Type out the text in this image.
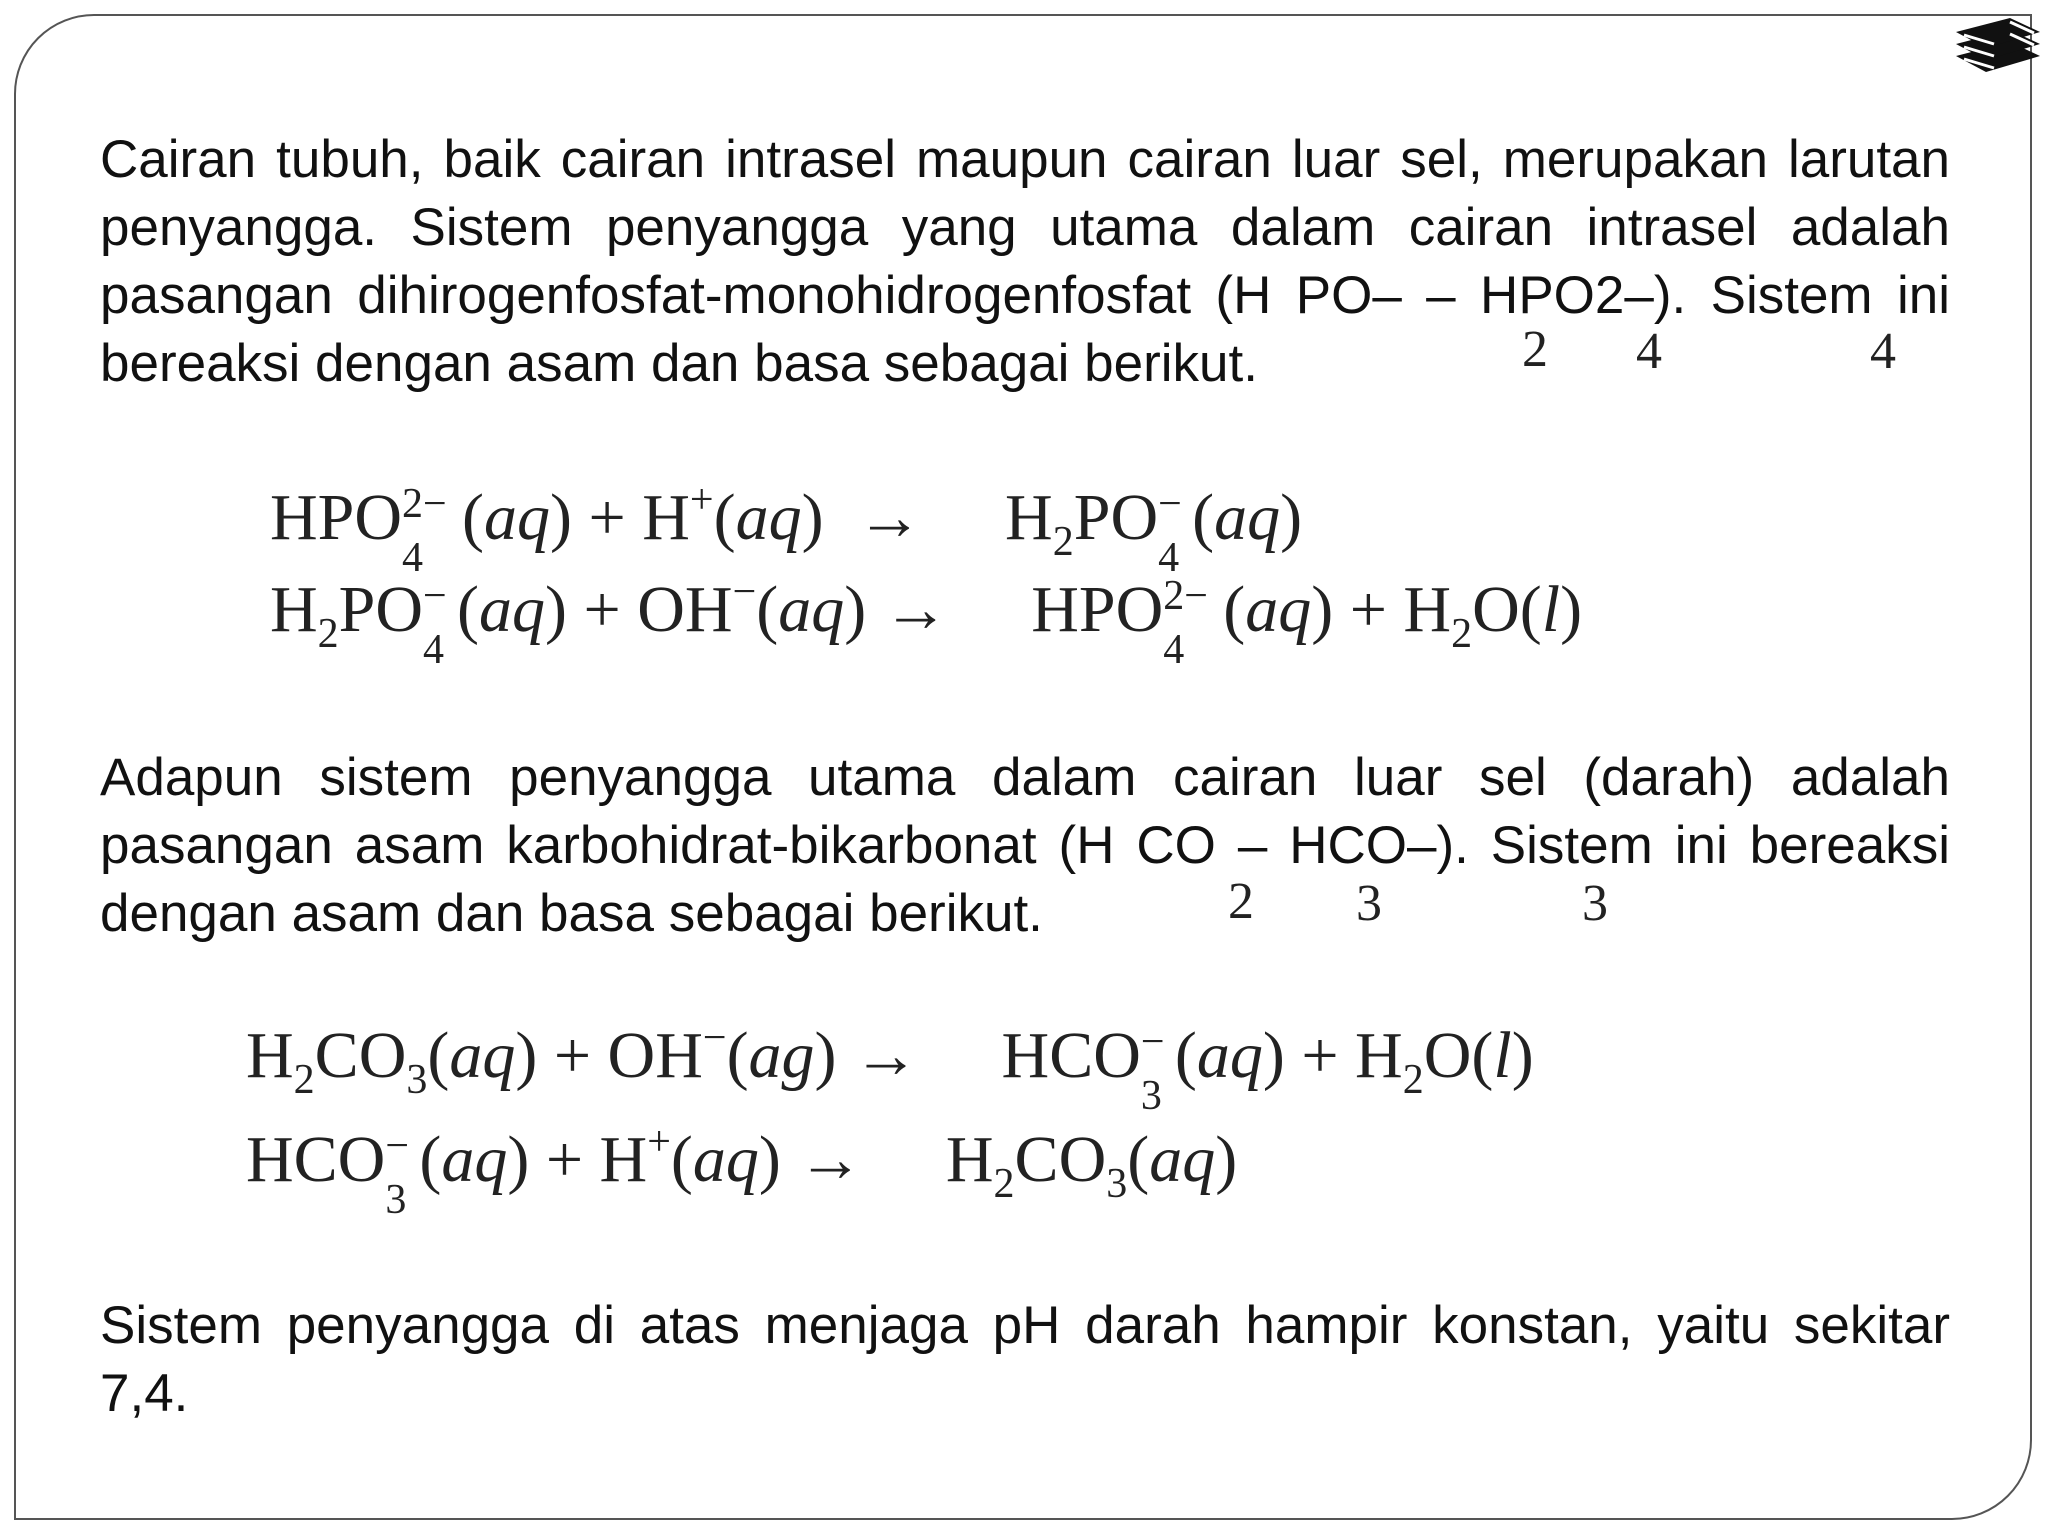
Cairan tubuh, baik cairan intrasel maupun cairan luar sel, merupakan larutan penyangga. Sistem penyangga yang utama dalam cairan intrasel adalah pasangan dihirogenfosfat-monohidrogenfosfat (H PO– – HPO2–). Sistem ini bereaksi dengan asam dan basa sebagai berikut.	2 4	4
HPO
4
2− (aq) + H+(aq)  →     $H_2PO$
4
− (aq)
$H_2PO$
4
− (aq) + OH−(aq) →     HPO
4
$2- (aq) + H_2O(l)$
Adapun sistem penyangga utama dalam cairan luar sel (darah) adalah pasangan asam karbohidrat-bikarbonat (H CO – HCO–). Sistem ini bereaksi dengan asam dan basa sebagai berikut.	2 3	3
$H_2CO_3(aq) + OH^-(ag)$ →     HCO
3
− $(aq) + H_2O(l)$
HCO
3
− (aq) + H+(aq) →     $H_2CO_3(aq)$
Sistem penyangga di atas menjaga pH darah hampir konstan, yaitu sekitar 7,4.
